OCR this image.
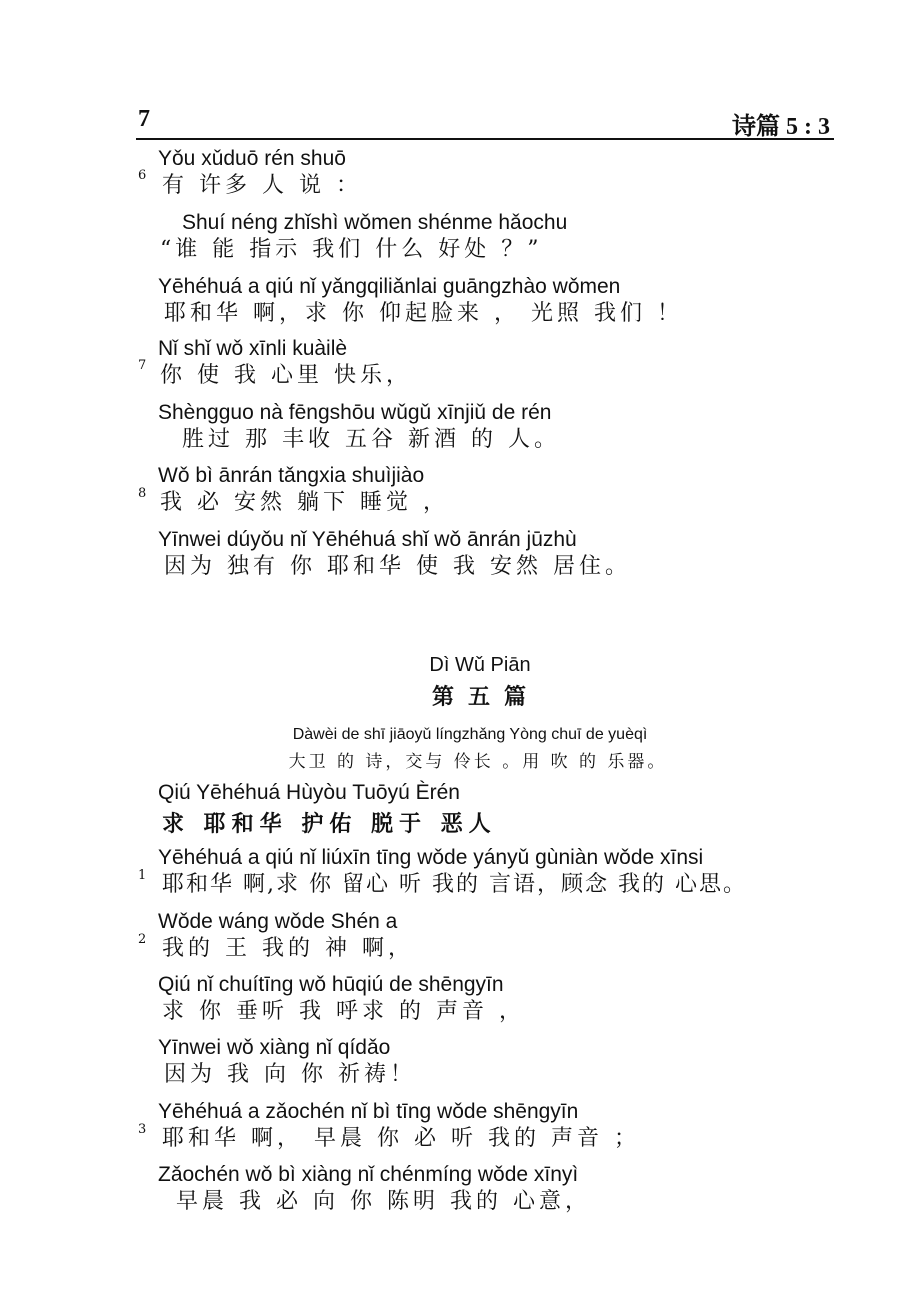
7	诗篇 5 : 3
6
Yǒu xǔduō rén shuō
有 许多 人 说 ：
Shuí néng zhǐshì wǒmen shénme hǎochu
“谁 能 指示 我们 什么 好处 ？”
Yēhéhuá a qiú nǐ yǎngqiliǎnlai guāngzhào wǒmen
耶和华 啊，求 你 仰起脸来 ， 光照 我们 ！
7
Nǐ shǐ wǒ xīnli kuàilè
你 使 我 心里 快乐，
Shèngguo nà fēngshōu wǔgǔ xīnjiǔ de rén
胜过 那 丰收 五谷 新酒 的 人。
8
Wǒ bì ānrán tǎngxia shuìjiào
我 必 安然 躺下 睡觉 ，
Yīnwei dúyǒu nǐ Yēhéhuá shǐ wǒ ānrán jūzhù
因为 独有 你 耶和华 使 我 安然 居住。
Dì Wǔ Piān
第五篇
Dàwèi de shī jiāoyǔ língzhǎng Yòng chuī de yuèqì
大卫 的 诗，交与 伶长 。用 吹 的 乐器。
Qiú Yēhéhuá Hùyòu Tuōyú Èrén
求 耶和华 护佑 脱于 恶人
1
Yēhéhuá a qiú nǐ liúxīn tīng wǒde yányǔ gùniàn wǒde xīnsi
耶和华 啊,求 你 留心 听 我的 言语，顾念 我的 心思。
2
Wǒde wáng wǒde Shén a
我的 王 我的 神 啊，
Qiú nǐ chuítīng wǒ hūqiú de shēngyīn
求 你 垂听 我 呼求 的 声音 ，
Yīnwei wǒ xiàng nǐ qídǎo
因为 我 向 你 祈祷！
3
Yēhéhuá a zǎochén nǐ bì tīng wǒde shēngyīn
耶和华 啊， 早晨 你 必 听 我的 声音 ；
Zǎochén wǒ bì xiàng nǐ chénmíng wǒde xīnyì
早晨 我 必 向 你 陈明 我的 心意，
